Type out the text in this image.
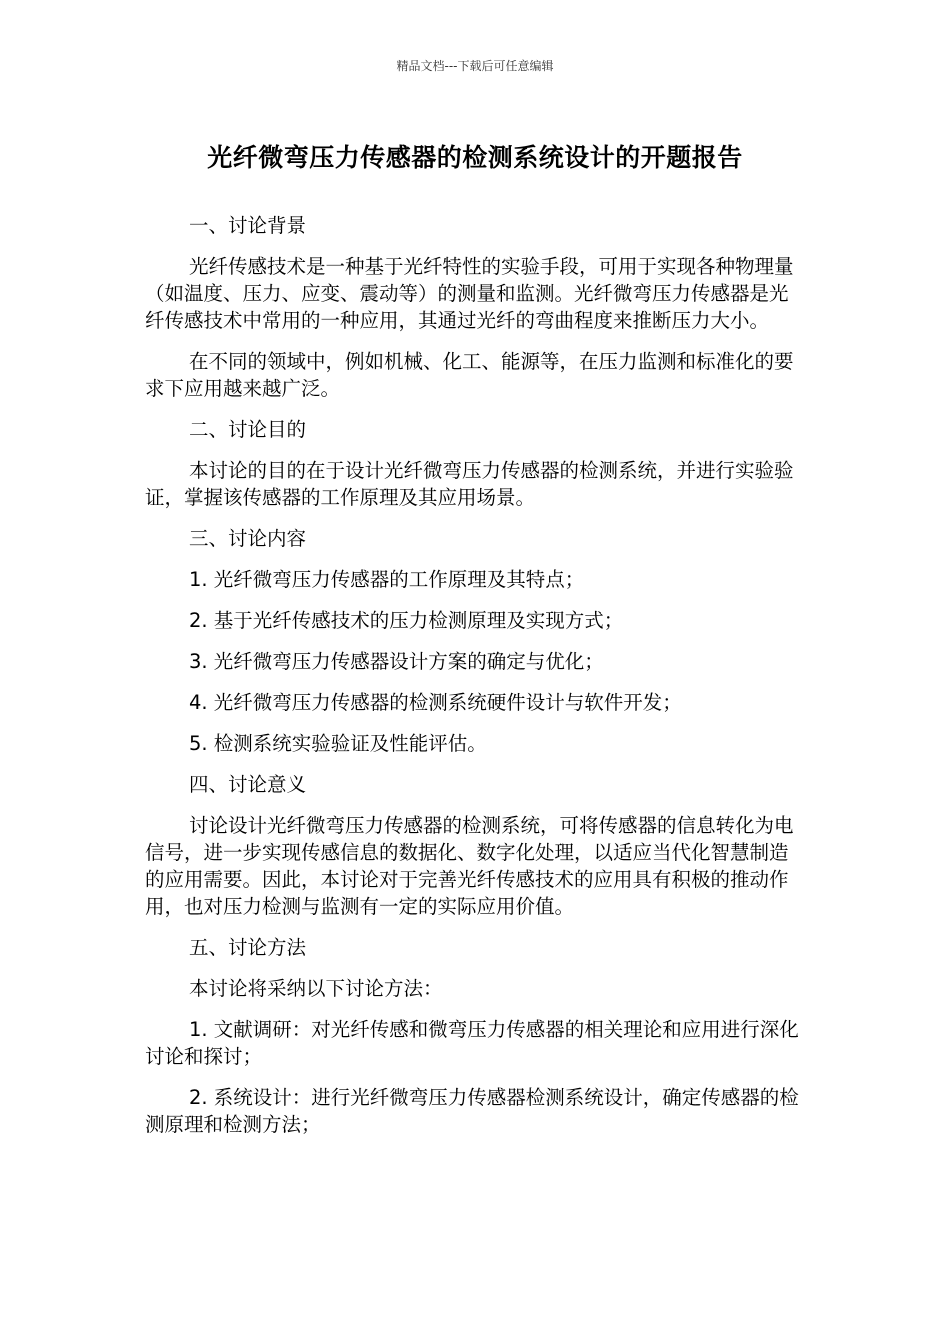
精品文档---下载后可任意编辑
光纤微弯压力传感器的检测系统设计的开题报告

一、讨论背景

光纤传感技术是一种基于光纤特性的实验手段，可用于实现各种物理量（如温度、压力、应变、震动等）的测量和监测。光纤微弯压力传感器是光纤传感技术中常用的一种应用，其通过光纤的弯曲程度来推断压力大小。

在不同的领域中，例如机械、化工、能源等，在压力监测和标准化的要求下应用越来越广泛。

二、讨论目的

本讨论的目的在于设计光纤微弯压力传感器的检测系统，并进行实验验证，掌握该传感器的工作原理及其应用场景。

三、讨论内容

1. 光纤微弯压力传感器的工作原理及其特点；

2. 基于光纤传感技术的压力检测原理及实现方式；

3. 光纤微弯压力传感器设计方案的确定与优化；

4. 光纤微弯压力传感器的检测系统硬件设计与软件开发；

5. 检测系统实验验证及性能评估。

四、讨论意义

讨论设计光纤微弯压力传感器的检测系统，可将传感器的信息转化为电信号，进一步实现传感信息的数据化、数字化处理，以适应当代化智慧制造的应用需要。因此，本讨论对于完善光纤传感技术的应用具有积极的推动作用，也对压力检测与监测有一定的实际应用价值。

五、讨论方法

本讨论将采纳以下讨论方法：

1. 文献调研：对光纤传感和微弯压力传感器的相关理论和应用进行深化讨论和探讨；

2. 系统设计：进行光纤微弯压力传感器检测系统设计，确定传感器的检测原理和检测方法；
